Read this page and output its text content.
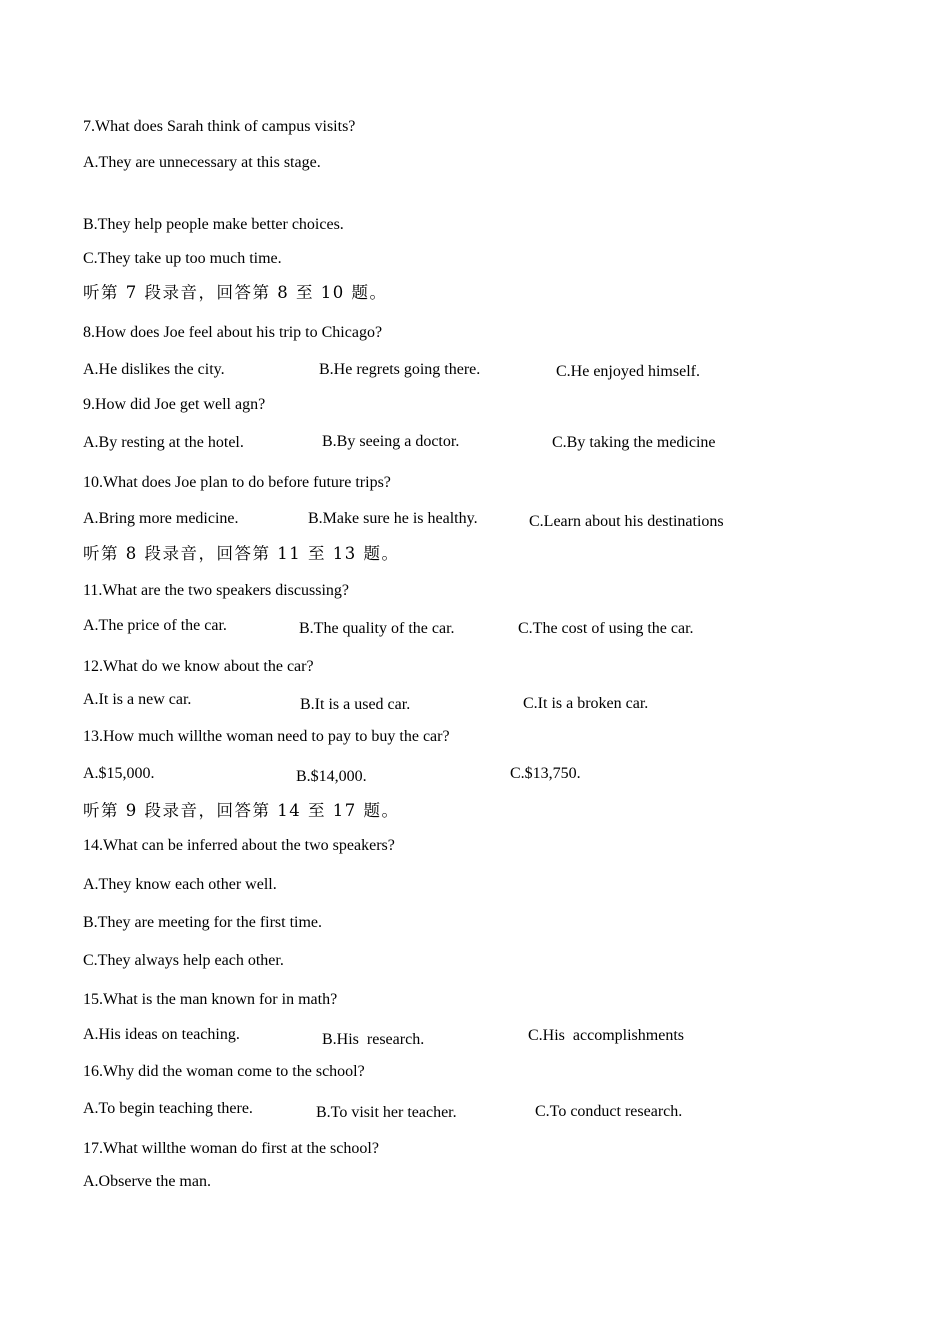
7.What does Sarah think of campus visits?
A.They are unnecessary at this stage.
B.They help people make better choices.
C.They take up too much time.
听第 7 段录音，回答第 8 至 10 题。
8.How does Joe feel about his trip to Chicago?
A.He dislikes the city.	B.He regrets going there.	C.He enjoyed himself.
9.How did Joe get well agn?
A.By resting at the hotel.	B.By seeing a doctor.	C.By taking the medicine
10.What does Joe plan to do before future trips?
A.Bring more medicine.	B.Make sure he is healthy.	C.Learn about his destinations
听第 8 段录音，回答第 11 至 13 题。
11.What are the two speakers discussing?
A.The price of the car.	B.The quality of the car.	C.The cost of using the car.
12.What do we know about the car?
A.It is a new car.	B.It is a used car.	C.It is a broken car.
13.How much willthe woman need to pay to buy the car?
A.$15,000.	B.$14,000.	C.$13,750.
听第 9 段录音，回答第 14 至 17 题。
14.What can be inferred about the two speakers?
A.They know each other well.
B.They are meeting for the first time.
C.They always help each other.
15.What is the man known for in math?
A.His ideas on teaching.	B.His  research.	C.His  accomplishments
16.Why did the woman come to the school?
A.To begin teaching there.	B.To visit her teacher.	C.To conduct research.
17.What willthe woman do first at the school?
A.Observe the man.
